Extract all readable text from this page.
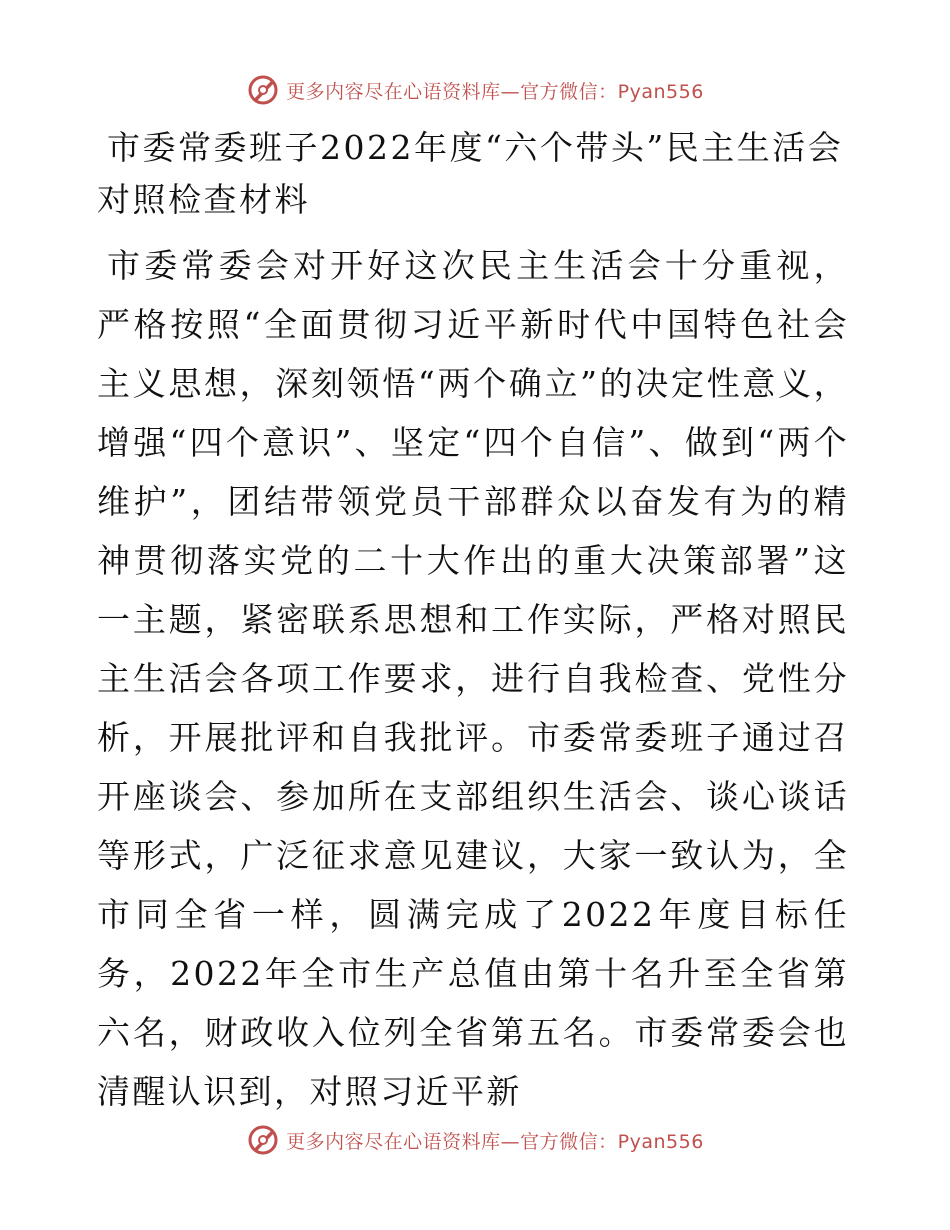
更多内容尽在心语资料库—官方微信：Pyan556
市委常委班子2022年度“六个带头”民主生活会对照检查材料

市委常委会对开好这次民主生活会十分重视，严格按照“全面贯彻习近平新时代中国特色社会主义思想，深刻领悟“两个确立”的决定性意义，增强“四个意识”、坚定“四个自信”、做到“两个维护”，团结带领党员干部群众以奋发有为的精神贯彻落实党的二十大作出的重大决策部署”这一主题，紧密联系思想和工作实际，严格对照民主生活会各项工作要求，进行自我检查、党性分析，开展批评和自我批评。市委常委班子通过召开座谈会、参加所在支部组织生活会、谈心谈话等形式，广泛征求意见建议，大家一致认为，全市同全省一样，圆满完成了2022年度目标任务，2022年全市生产总值由第十名升至全省第六名，财政收入位列全省第五名。市委常委会也清醒认识到，对照习近平新

更多内容尽在心语资料库—官方微信：Pyan556
